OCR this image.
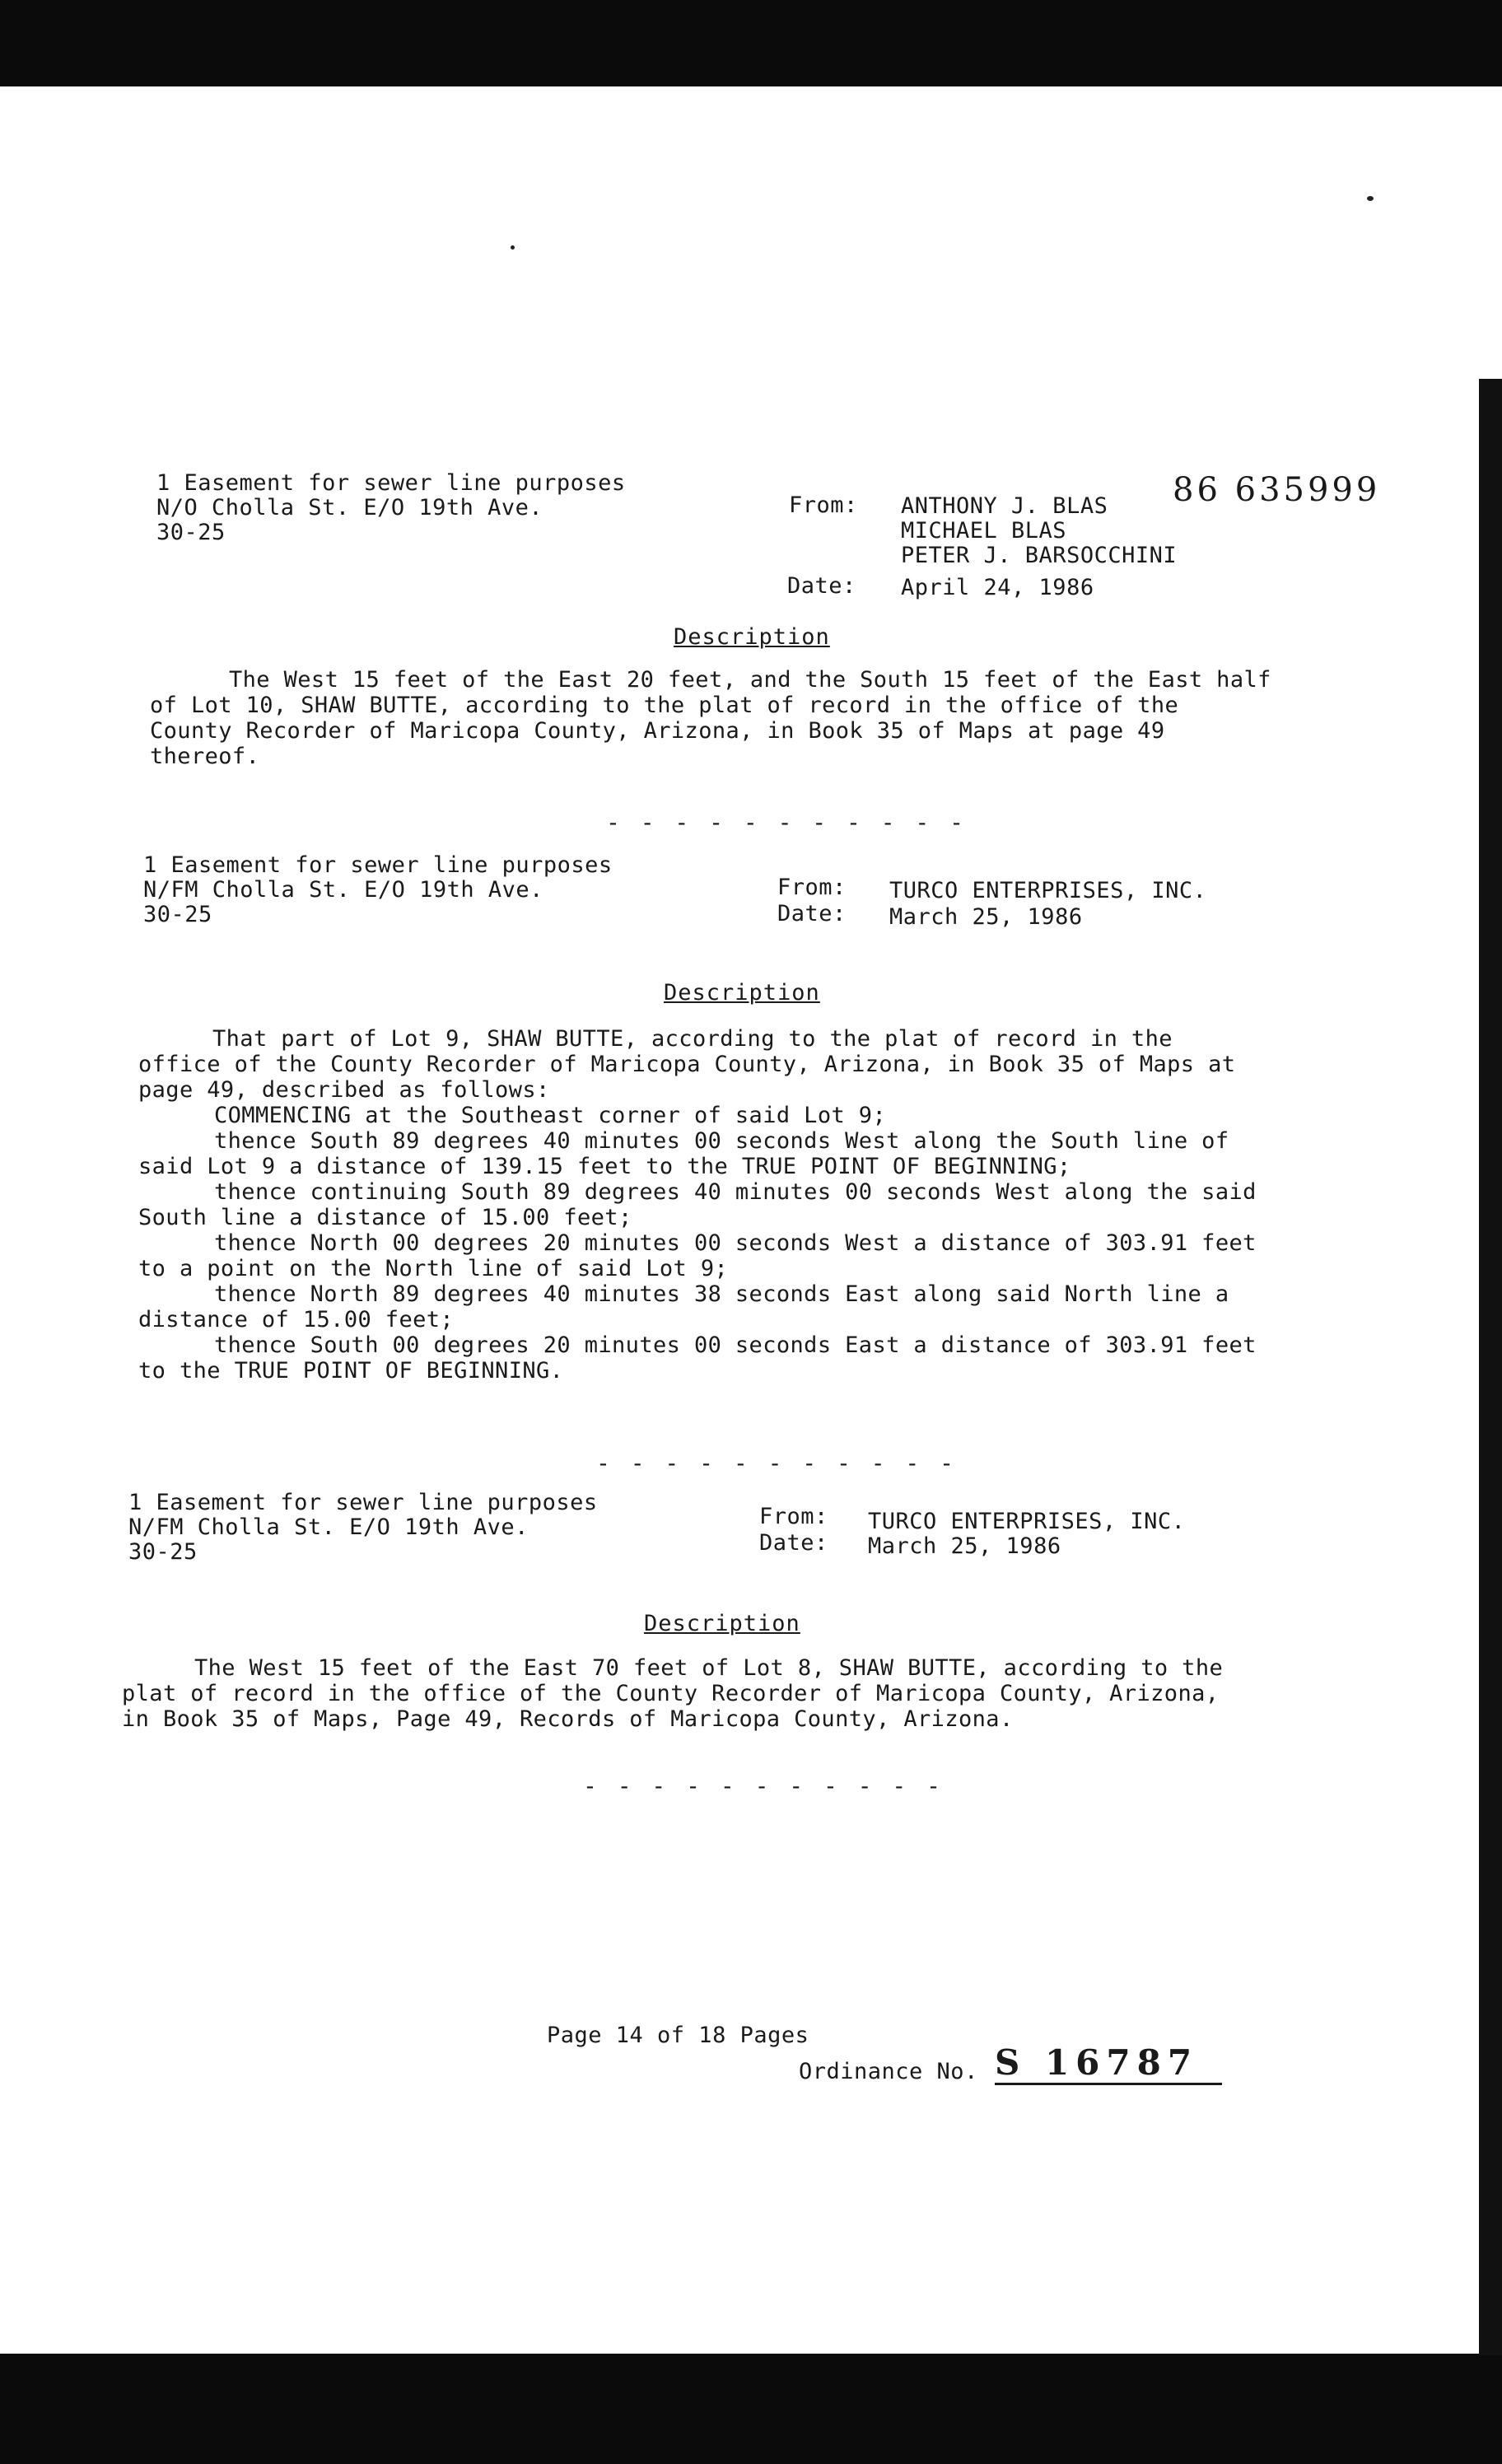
86 635999
1 Easement for sewer line purposes
N/O Cholla St. E/O 19th Ave.
30-25
From: ANTHONY J. BLAS
MICHAEL BLAS
PETER J. BARSOCCHINI
Date: April 24, 1986
Description
The West 15 feet of the East 20 feet, and the South 15 feet of the East half
of Lot 10, SHAW BUTTE, according to the plat of record in the office of the
County Recorder of Maricopa County, Arizona, in Book 35 of Maps at page 49
thereof.
- - - - - - - - - - -
1 Easement for sewer line purposes
N/FM Cholla St. E/O 19th Ave.
30-25
From: TURCO ENTERPRISES, INC.
Date: March 25, 1986
Description
That part of Lot 9, SHAW BUTTE, according to the plat of record in the
office of the County Recorder of Maricopa County, Arizona, in Book 35 of Maps at
page 49, described as follows:
COMMENCING at the Southeast corner of said Lot 9;
thence South 89 degrees 40 minutes 00 seconds West along the South line of
said Lot 9 a distance of 139.15 feet to the TRUE POINT OF BEGINNING;
thence continuing South 89 degrees 40 minutes 00 seconds West along the said
South line a distance of 15.00 feet;
thence North 00 degrees 20 minutes 00 seconds West a distance of 303.91 feet
to a point on the North line of said Lot 9;
thence North 89 degrees 40 minutes 38 seconds East along said North line a
distance of 15.00 feet;
thence South 00 degrees 20 minutes 00 seconds East a distance of 303.91 feet
to the TRUE POINT OF BEGINNING.
- - - - - - - - - - -
1 Easement for sewer line purposes
N/FM Cholla St. E/O 19th Ave.
30-25
From: TURCO ENTERPRISES, INC.
Date: March 25, 1986
Description
The West 15 feet of the East 70 feet of Lot 8, SHAW BUTTE, according to the
plat of record in the office of the County Recorder of Maricopa County, Arizona,
in Book 35 of Maps, Page 49, Records of Maricopa County, Arizona.
- - - - - - - - - - -
Page 14 of 18 Pages
Ordinance No. S 16787
